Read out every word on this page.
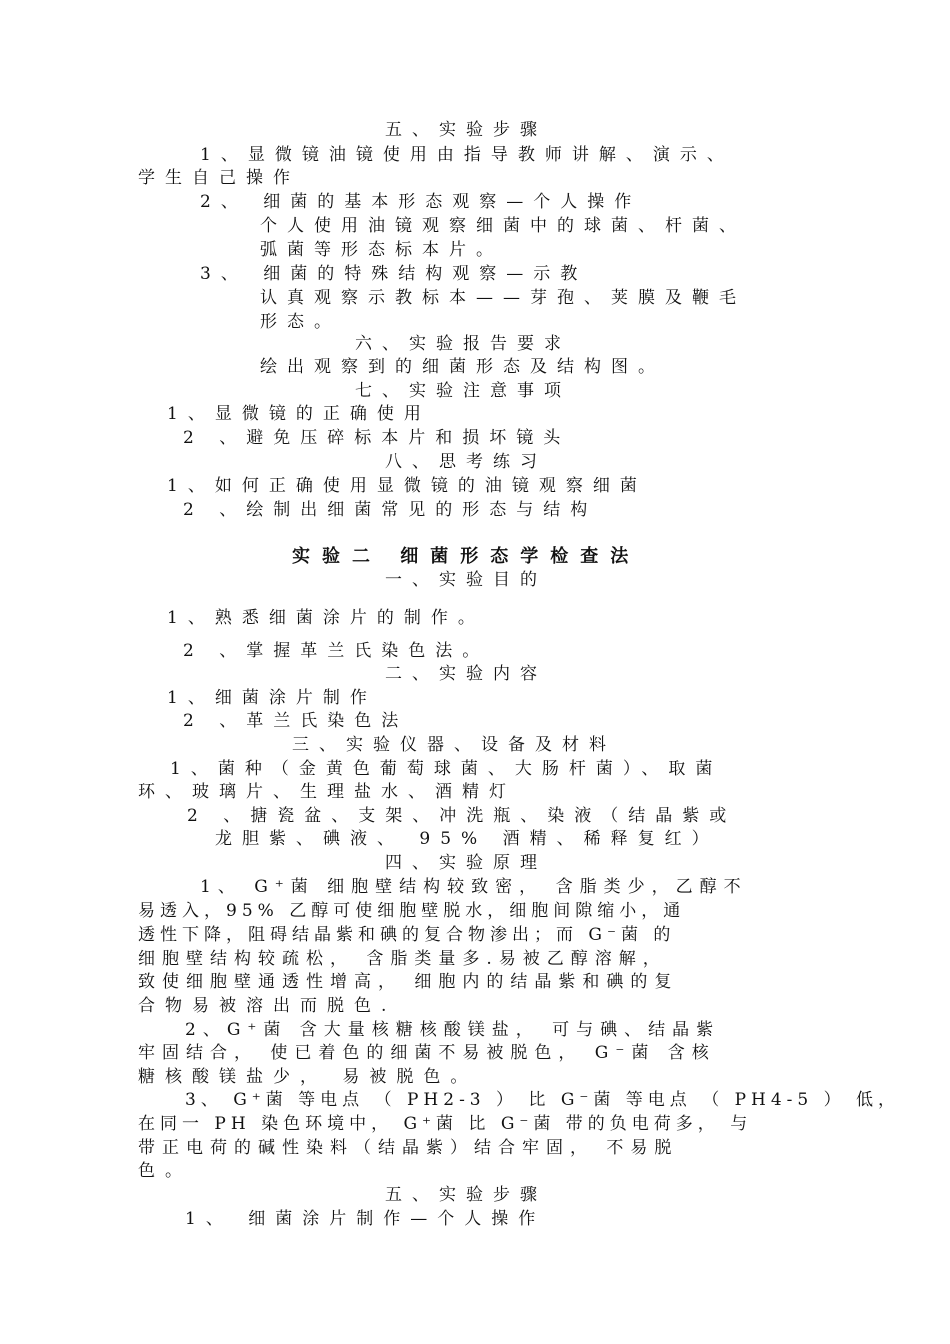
五、实验步骤
1、显微镜油镜使用由指导教师讲解、演示、
学生自己操作
2、 细菌的基本形态观察—个人操作
个人使用油镜观察细菌中的球菌、杆菌、
弧菌等形态标本片。
3、 细菌的特殊结构观察—示教
认真观察示教标本——芽孢、荚膜及鞭毛
形态。
六、实验报告要求
绘出观察到的细菌形态及结构图。
七、实验注意事项
1、显微镜的正确使用
2 、避免压碎标本片和损坏镜头
八、思考练习
1、如何正确使用显微镜的油镜观察细菌
2 、绘制出细菌常见的形态与结构
实验二 细菌形态学检查法
一、实验目的
1、熟悉细菌涂片的制作。
2 、掌握革兰氏染色法。
二、实验内容
1、细菌涂片制作
2 、革兰氏染色法
三、实验仪器、设备及材料
1、菌种（金黄色葡萄球菌、大肠杆菌）、取菌
环、玻璃片、生理盐水、酒精灯
2 、搪瓷盆、支架、冲洗瓶、染液（结晶紫或
龙胆紫、碘液、 95% 酒精、稀释复红）
四、实验原理
1、 G⁺菌 细胞壁结构较致密， 含脂类少，乙醇不
易透入，95% 乙醇可使细胞壁脱水，细胞间隙缩小，通
透性下降，阻碍结晶紫和碘的复合物渗出；而 G⁻菌 的
细胞壁结构较疏松， 含脂类量多.易被乙醇溶解，
致使细胞壁通透性增高， 细胞内的结晶紫和碘的复
合物易被溶出而脱色.
2、G⁺菌 含大量核糖核酸镁盐， 可与碘、结晶紫
牢固结合， 使已着色的细菌不易被脱色， G⁻菌 含核
糖核酸镁盐少， 易被脱色。
3、 G⁺菌 等电点 （ PH2-3 ） 比 G⁻菌 等电点 （ PH4-5 ） 低，
在同一 PH 染色环境中， G⁺菌 比 G⁻菌 带的负电荷多， 与
带正电荷的碱性染料（结晶紫）结合牢固， 不易脱
色。
五、实验步骤
1、 细菌涂片制作—个人操作
